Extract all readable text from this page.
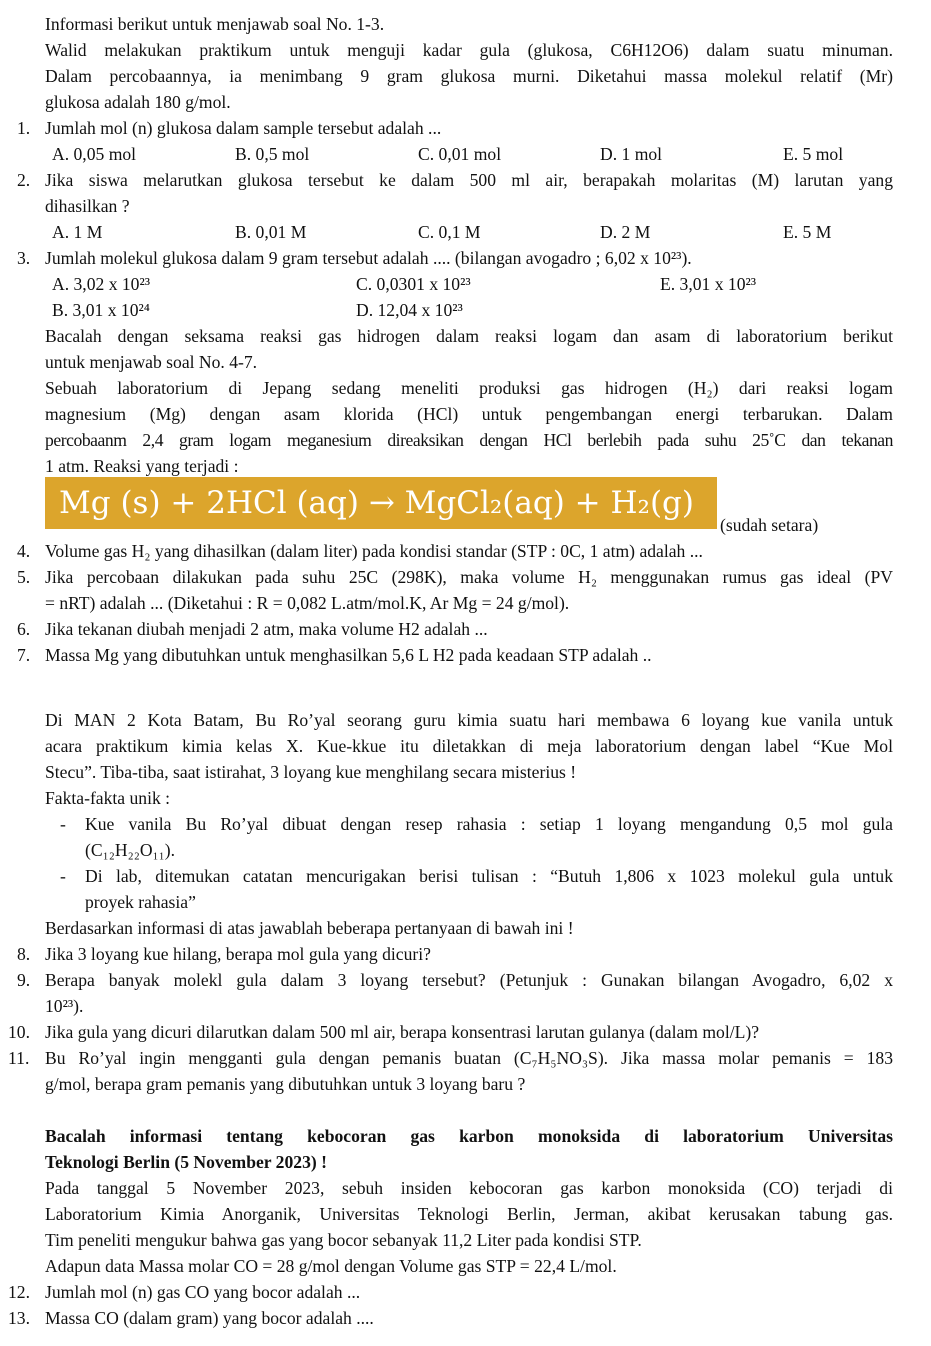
Informasi berikut untuk menjawab soal No. 1-3.
Walid melakukan praktikum untuk menguji kadar gula (glukosa, C6H12O6) dalam suatu minuman.
Dalam percobaannya, ia menimbang 9 gram glukosa murni. Diketahui massa molekul relatif (Mr)
glukosa adalah 180 g/mol.
1. Jumlah mol (n) glukosa dalam sample tersebut adalah ...
A. 0,05 mol	B. 0,5 mol	C. 0,01 mol	D. 1 mol	E. 5 mol
2. Jika siswa melarutkan glukosa tersebut ke dalam 500 ml air, berapakah molaritas (M) larutan yang
dihasilkan ?
A. 1 M	B. 0,01 M	C. 0,1 M	D. 2 M	E. 5 M
3. Jumlah molekul glukosa dalam 9 gram tersebut adalah .... (bilangan avogadro ; 6,02 x 10²³).
A. 3,02 x 10²³	C. 0,0301 x 10²³	E. 3,01 x 10²³
B. 3,01 x 10²⁴	D. 12,04 x 10²³
Bacalah dengan seksama reaksi gas hidrogen dalam reaksi logam dan asam di laboratorium berikut
untuk menjawab soal No. 4-7.
Sebuah laboratorium di Jepang sedang meneliti produksi gas hidrogen (H₂) dari reaksi logam
magnesium (Mg) dengan asam klorida (HCl) untuk pengembangan energi terbarukan. Dalam
percobaanm 2,4 gram logam meganesium direaksikan dengan HCl berlebih pada suhu 25˚C dan tekanan
1 atm. Reaksi yang terjadi :
Mg (s) + 2HCl (aq) → MgCl₂(aq) + H₂(g)
(sudah setara)
4. Volume gas H₂ yang dihasilkan (dalam liter) pada kondisi standar (STP : 0C, 1 atm) adalah ...
5. Jika percobaan dilakukan pada suhu 25C (298K), maka volume H₂ menggunakan rumus gas ideal (PV
= nRT) adalah ... (Diketahui : R = 0,082 L.atm/mol.K, Ar Mg = 24 g/mol).
6. Jika tekanan diubah menjadi 2 atm, maka volume H2 adalah ...
7. Massa Mg yang dibutuhkan untuk menghasilkan 5,6 L H2 pada keadaan STP adalah ..
Di MAN 2 Kota Batam, Bu Ro’yal seorang guru kimia suatu hari membawa 6 loyang kue vanila untuk
acara praktikum kimia kelas X. Kue-kkue itu diletakkan di meja laboratorium dengan label “Kue Mol
Stecu”. Tiba-tiba, saat istirahat, 3 loyang kue menghilang secara misterius !
Fakta-fakta unik :
- Kue vanila Bu Ro’yal dibuat dengan resep rahasia : setiap 1 loyang mengandung 0,5 mol gula
(C₁₂H₂₂O₁₁).
- Di lab, ditemukan catatan mencurigakan berisi tulisan : “Butuh 1,806 x 1023 molekul gula untuk
proyek rahasia”
Berdasarkan informasi di atas jawablah beberapa pertanyaan di bawah ini !
8. Jika 3 loyang kue hilang, berapa mol gula yang dicuri?
9. Berapa banyak molekl gula dalam 3 loyang tersebut? (Petunjuk : Gunakan bilangan Avogadro, 6,02 x
10²³).
10. Jika gula yang dicuri dilarutkan dalam 500 ml air, berapa konsentrasi larutan gulanya (dalam mol/L)?
11. Bu Ro’yal ingin mengganti gula dengan pemanis buatan (C₇H₅NO₃S). Jika massa molar pemanis = 183
g/mol, berapa gram pemanis yang dibutuhkan untuk 3 loyang baru ?
Bacalah informasi tentang kebocoran gas karbon monoksida di laboratorium Universitas
Teknologi Berlin (5 November 2023) !
Pada tanggal 5 November 2023, sebuh insiden kebocoran gas karbon monoksida (CO) terjadi di
Laboratorium Kimia Anorganik, Universitas Teknologi Berlin, Jerman, akibat kerusakan tabung gas.
Tim peneliti mengukur bahwa gas yang bocor sebanyak 11,2 Liter pada kondisi STP.
Adapun data Massa molar CO = 28 g/mol dengan Volume gas STP = 22,4 L/mol.
12. Jumlah mol (n) gas CO yang bocor adalah ...
13. Massa CO (dalam gram) yang bocor adalah ....
